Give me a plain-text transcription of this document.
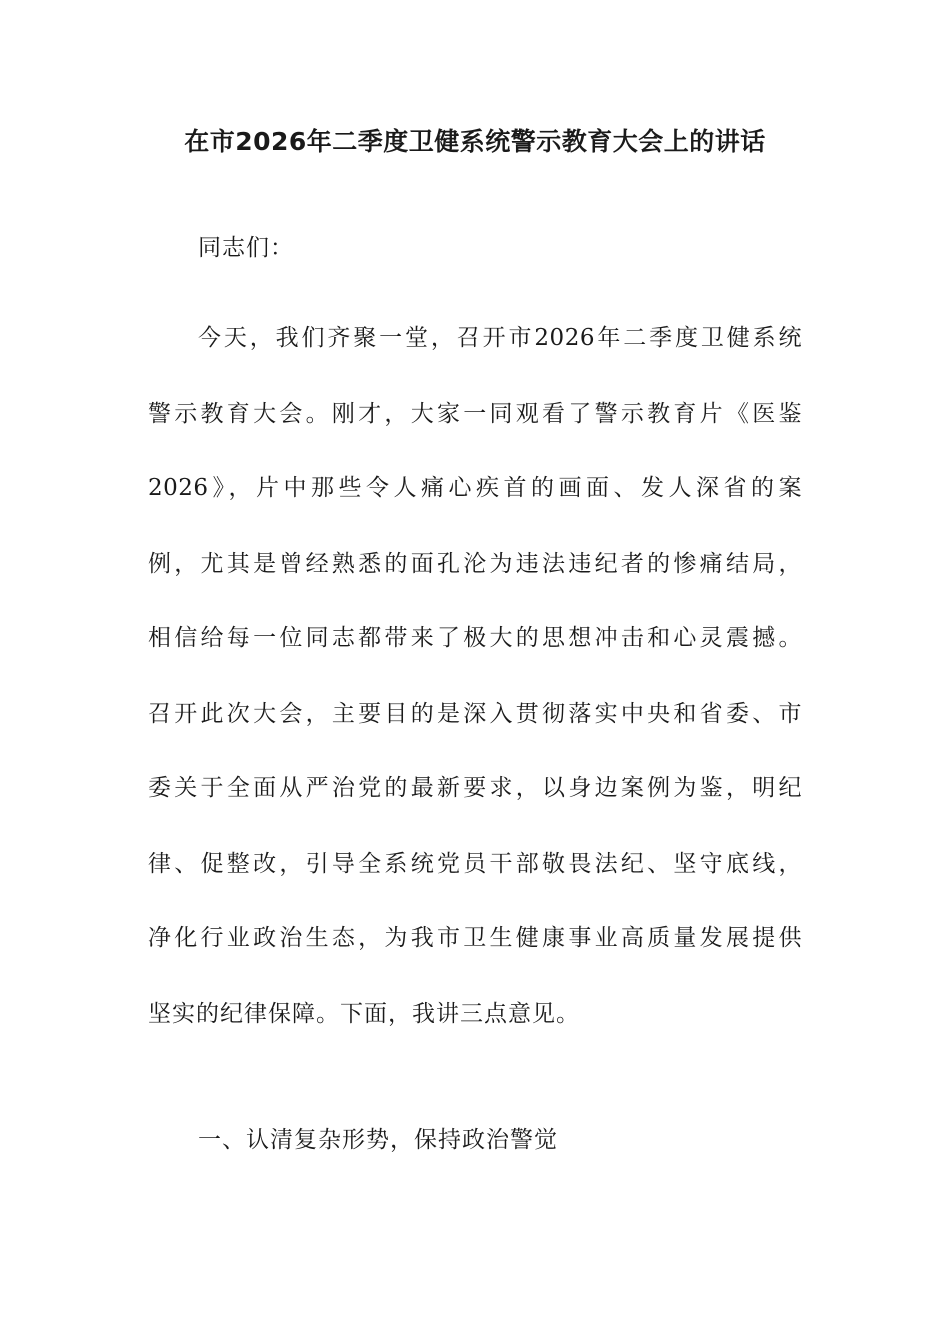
在市2026年二季度卫健系统警示教育大会上的讲话
同志们：
今天，我们齐聚一堂，召开市2026年二季度卫健系统
警示教育大会。刚才，大家一同观看了警示教育片《医鉴
2026》，片中那些令人痛心疾首的画面、发人深省的案
例，尤其是曾经熟悉的面孔沦为违法违纪者的惨痛结局，
相信给每一位同志都带来了极大的思想冲击和心灵震撼。
召开此次大会，主要目的是深入贯彻落实中央和省委、市
委关于全面从严治党的最新要求，以身边案例为鉴，明纪
律、促整改，引导全系统党员干部敬畏法纪、坚守底线，
净化行业政治生态，为我市卫生健康事业高质量发展提供
坚实的纪律保障。下面，我讲三点意见。
一、认清复杂形势，保持政治警觉
